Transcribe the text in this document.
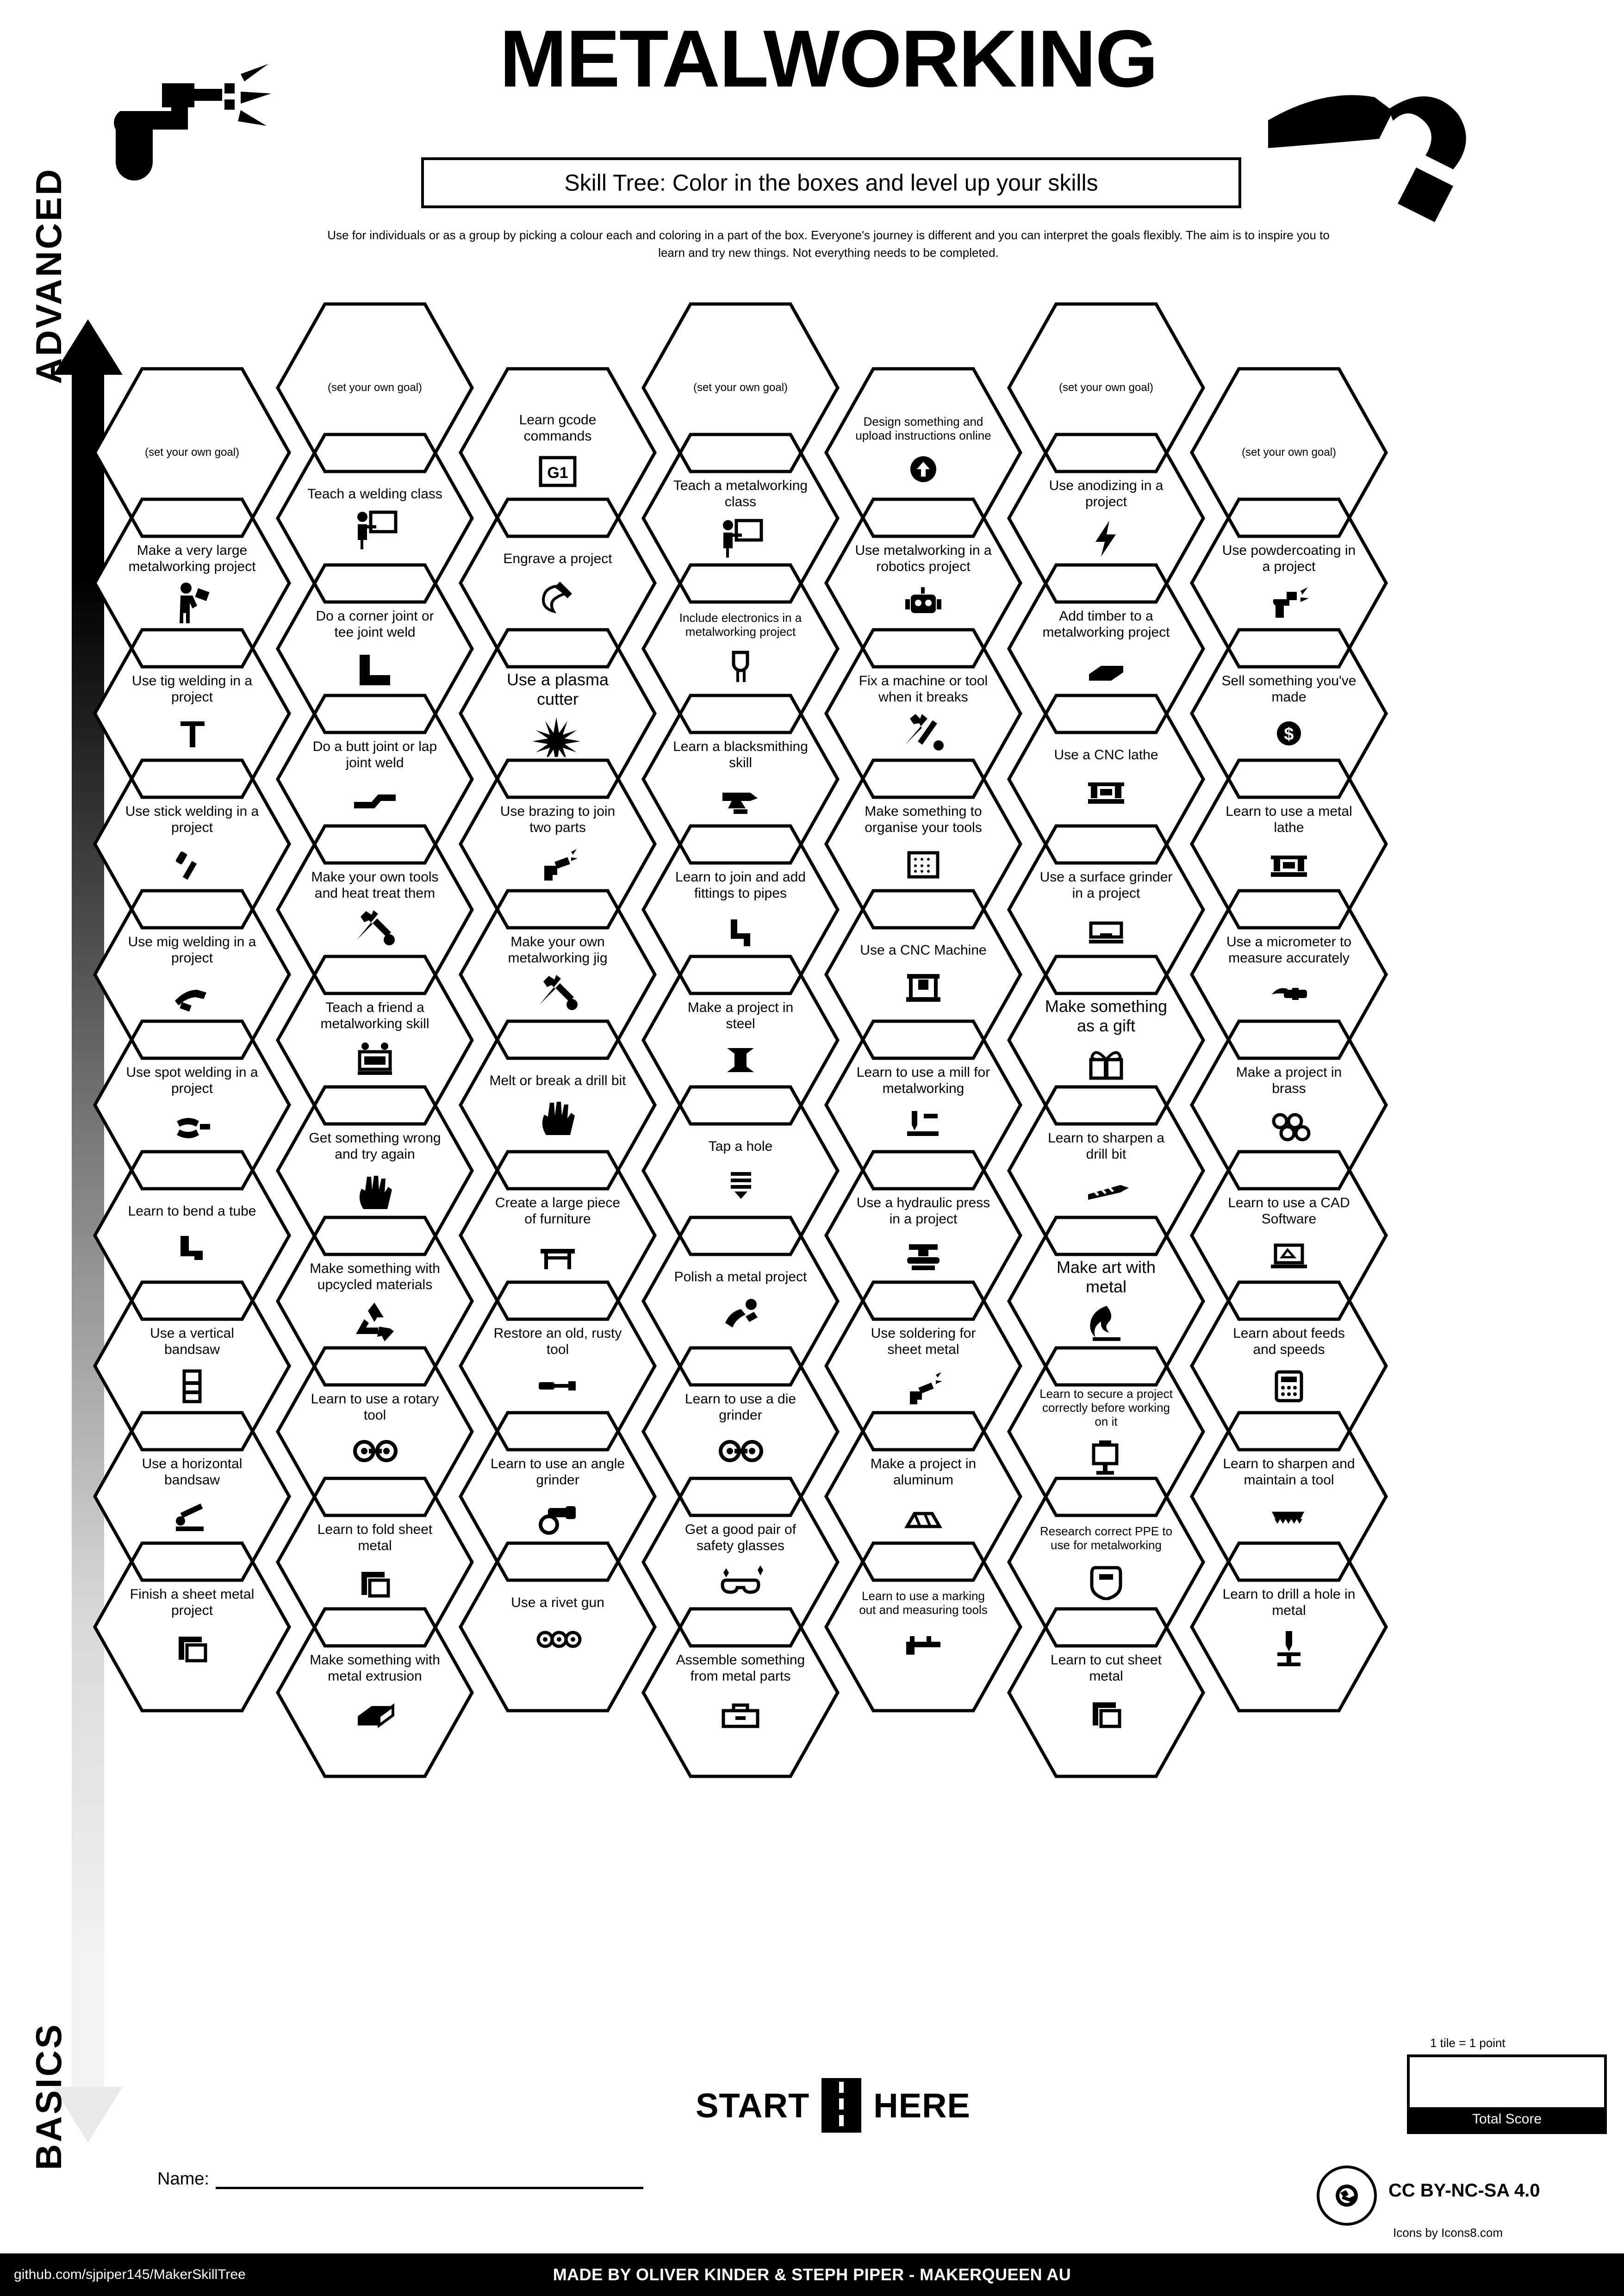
METALWORKING
Skill Tree: Color in the boxes and level up your skills
Use for individuals or as a group by picking a colour each and coloring in a part of the box. Everyone's journey is different and you can interpret the goals flexibly. The aim is to inspire you to learn and try new things. Not everything needs to be completed.
ADVANCED
BASICS
(set your own goal)
Make a very large metalworking project
Use tig welding in a project
Use stick welding in a project
Use mig welding in a project
Use spot welding in a project
Learn to bend a tube
Use a vertical bandsaw
Use a horizontal bandsaw
Finish a sheet metal project
(set your own goal)
Teach a welding class
Do a corner joint or tee joint weld
Do a butt joint or lap joint weld
Make your own tools and heat treat them
Teach a friend a metalworking skill
Get something wrong and try again
Make something with upcycled materials
Learn to use a rotary tool
Learn to fold sheet metal
Make something with metal extrusion
Learn gcode commands
G1
Engrave a project
Use a plasma cutter
Use brazing to join two parts
Make your own metalworking jig
Melt or break a drill bit
Create a large piece of furniture
Restore an old, rusty tool
Learn to use an angle grinder
Use a rivet gun
(set your own goal)
Teach a metalworking class
Include electronics in a metalworking project
Learn a blacksmithing skill
Learn to join and add fittings to pipes
Make a project in steel
Tap a hole
Polish a metal project
Learn to use a die grinder
Get a good pair of safety glasses
Assemble something from metal parts
Design something and upload instructions online
Use metalworking in a robotics project
Fix a machine or tool when it breaks
Make something to organise your tools
Use a CNC Machine
Learn to use a mill for metalworking
Use a hydraulic press in a project
Use soldering for sheet metal
Make a project in aluminum
Learn to use a marking out and measuring tools
(set your own goal)
Use anodizing in a project
Add timber to a metalworking project
Use a CNC lathe
Use a surface grinder in a project
Make something as a gift
Learn to sharpen a drill bit
Make art with metal
Learn to secure a project correctly before working on it
Research correct PPE to use for metalworking
Learn to cut sheet metal
(set your own goal)
Use powdercoating in a project
Sell something you've made
$
Learn to use a metal lathe
Use a micrometer to measure accurately
Make a project in brass
Learn to use a CAD Software
Learn about feeds and speeds
Learn to sharpen and maintain a tool
Learn to drill a hole in metal
START HERE
1 tile = 1 point
Total Score
Name:
CC BY-NC-SA 4.0
Icons by Icons8.com
MADE BY OLIVER KINDER & STEPH PIPER - MAKERQUEEN AU
github.com/sjpiper145/MakerSkillTree
